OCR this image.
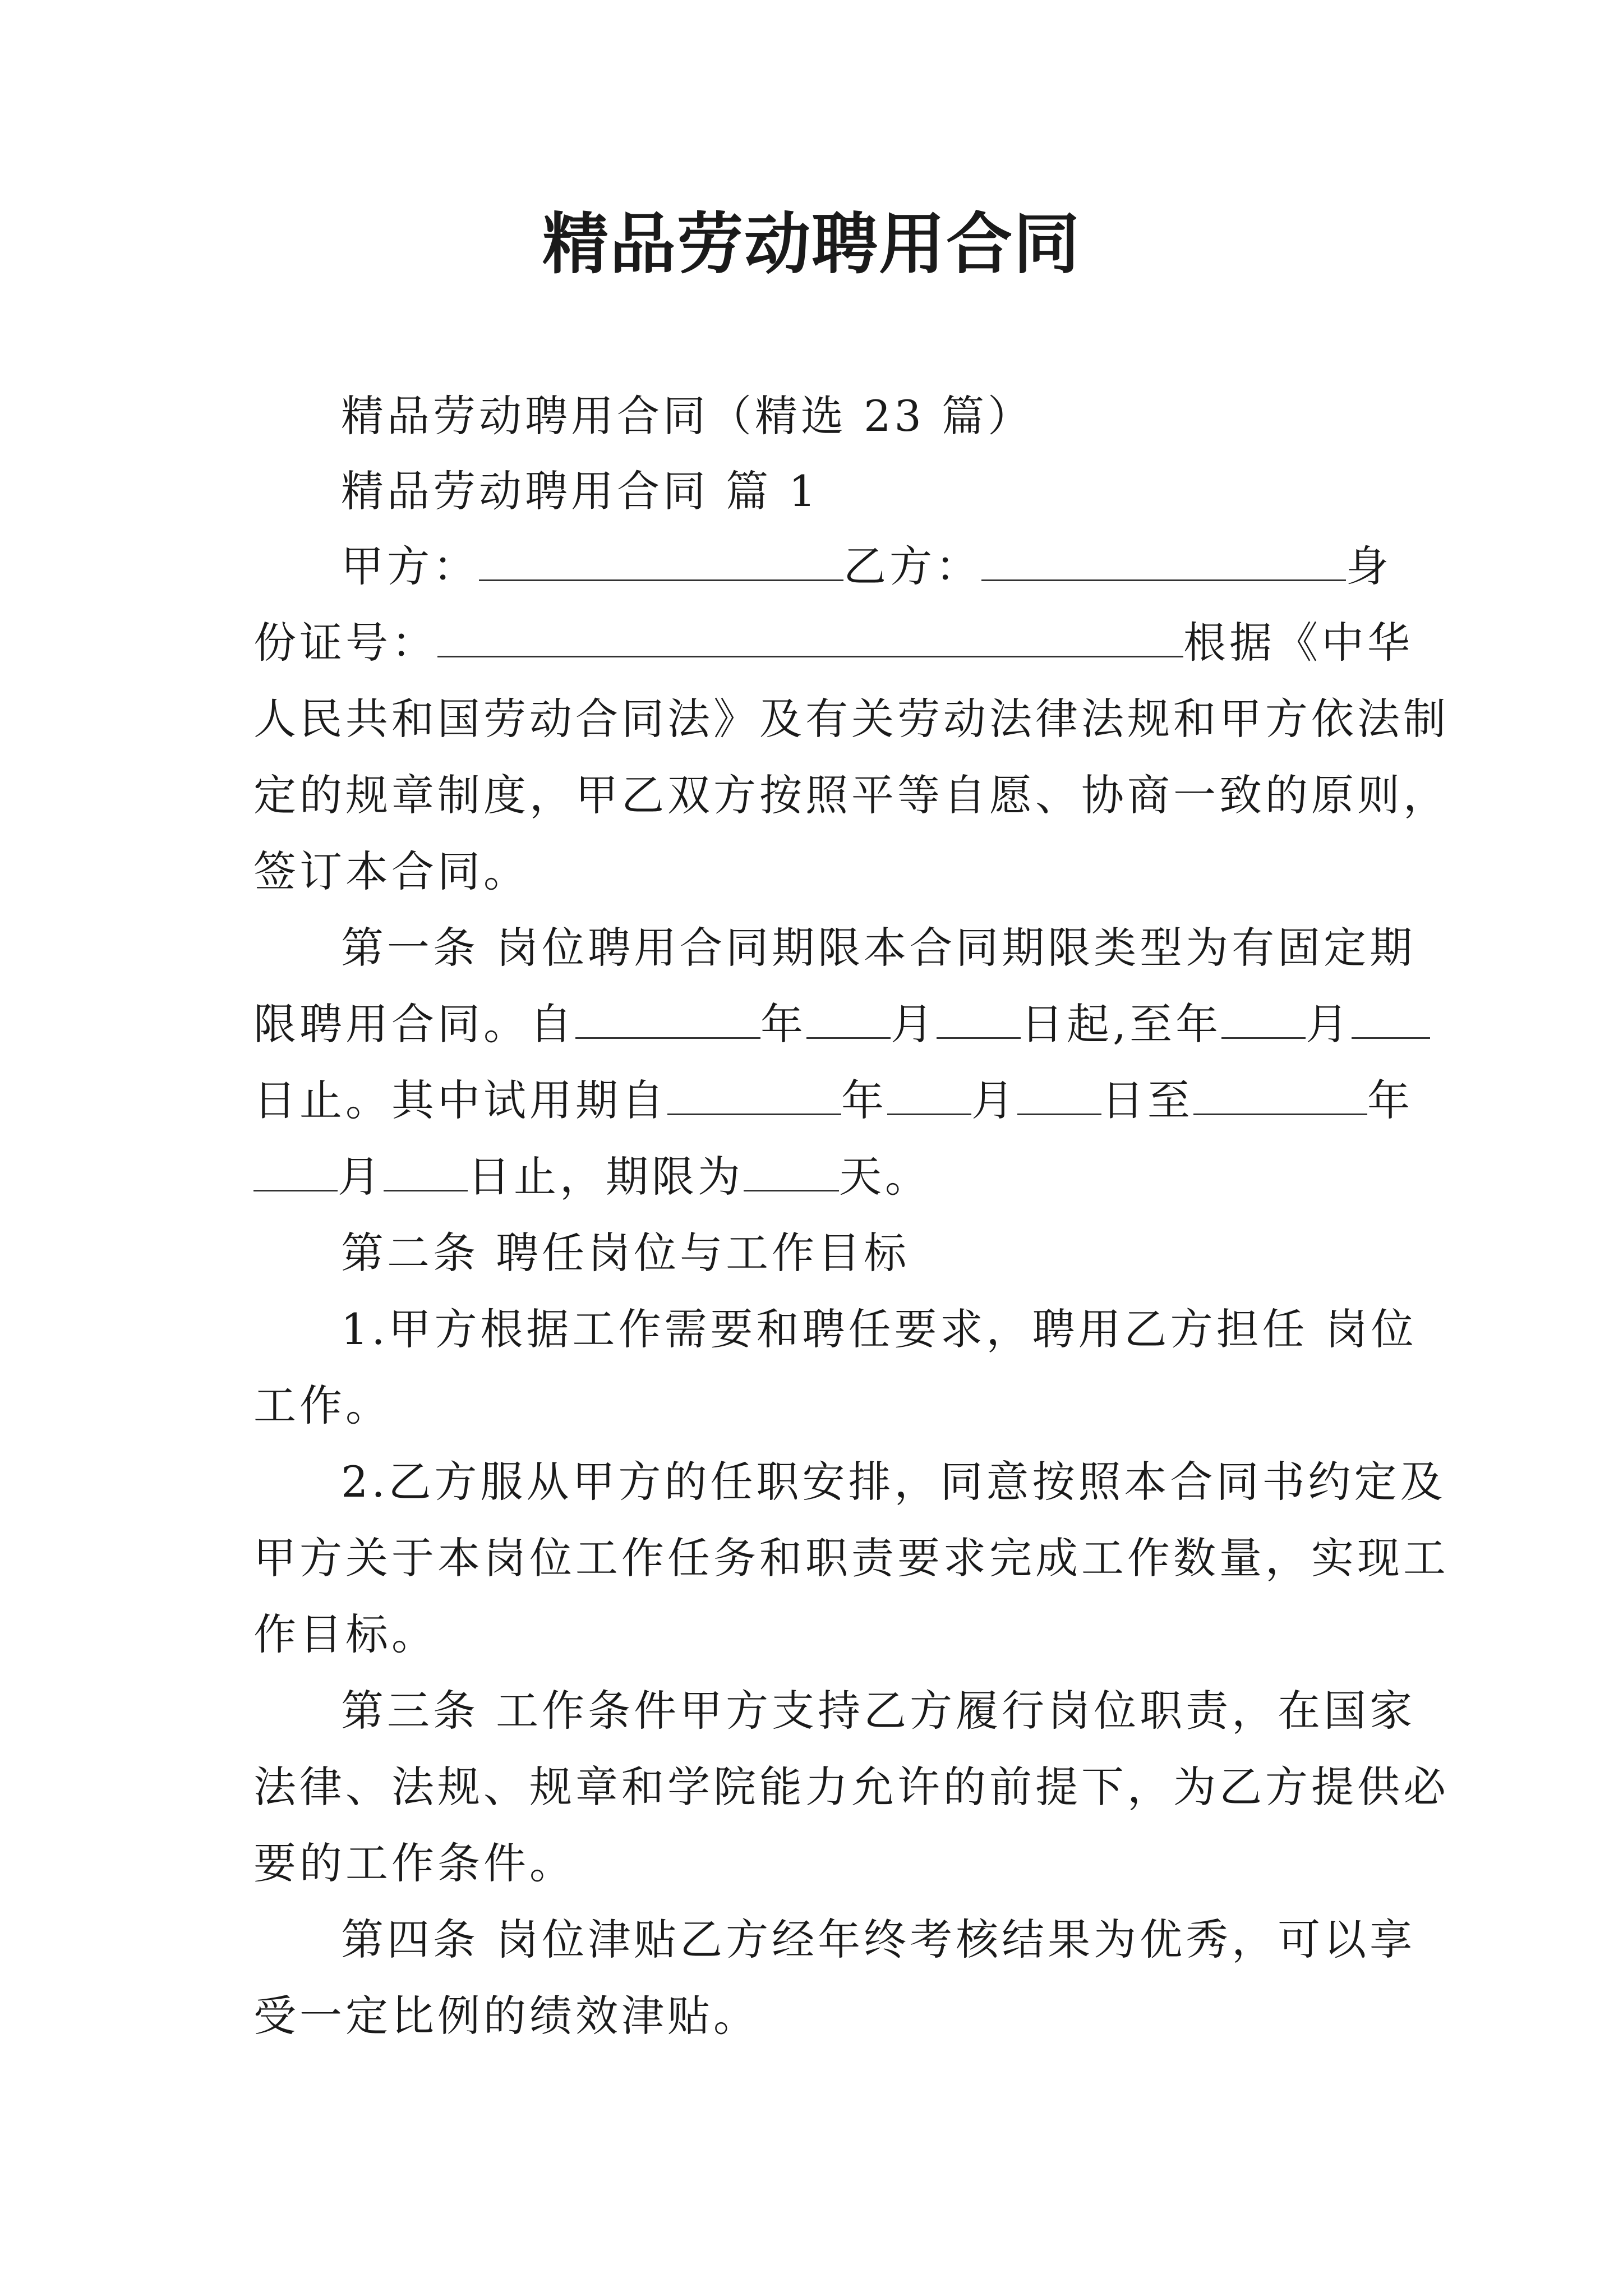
精品劳动聘用合同
精品劳动聘用合同（精选 23 篇）
精品劳动聘用合同 篇 1
甲方：	乙方：	身
份证号：	根据《中华
人民共和国劳动合同法》及有关劳动法律法规和甲方依法制
定的规章制度，甲乙双方按照平等自愿、协商一致的原则，
签订本合同。
第一条 岗位聘用合同期限本合同期限类型为有固定期
限聘用合同。自	年 月 日起,至年 月
日止。其中试用期自	年 月 日至	年
月 日止，期限为 天。
第二条 聘任岗位与工作目标
1.甲方根据工作需要和聘任要求，聘用乙方担任 岗位
工作。
2.乙方服从甲方的任职安排，同意按照本合同书约定及
甲方关于本岗位工作任务和职责要求完成工作数量，实现工
作目标。
第三条 工作条件甲方支持乙方履行岗位职责，在国家
法律、法规、规章和学院能力允许的前提下，为乙方提供必
要的工作条件。
第四条 岗位津贴乙方经年终考核结果为优秀，可以享
受一定比例的绩效津贴。
